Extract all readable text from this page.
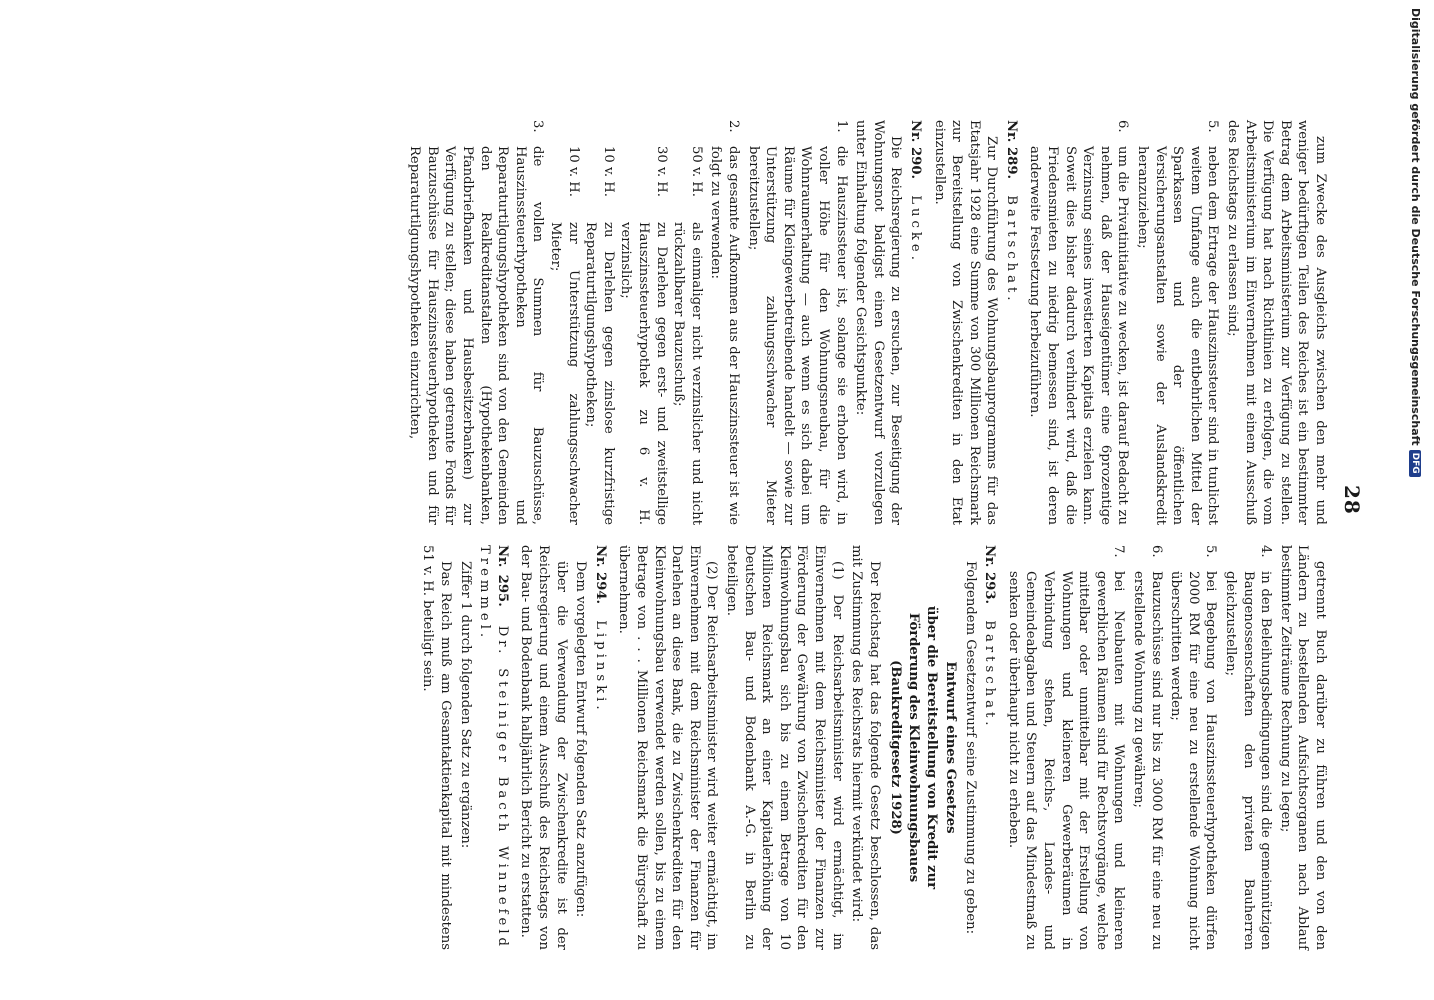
28
zum Zwecke des Ausgleichs zwischen den mehr und weniger bedürftigen Teilen des Reiches ist ein bestimmter Betrag dem Arbeitsministerium zur Verfügung zu stellen. Die Verfügung hat nach Richtlinien zu erfolgen, die vom Arbeitsministerium im Einvernehmen mit einem Ausschuß des Reichstags zu erlassen sind;
5.
neben dem Ertrage der Hauszinssteuer sind in tunlichst weitem Umfange auch die entbehrlichen Mittel der Sparkassen und der öffentlichen Versicherungsanstalten sowie der Auslandskredit heranzuziehen;
6.
um die Privatinitiative zu wecken, ist darauf Bedacht zu nehmen, daß der Hauseigentümer eine 6prozentige Verzinsung seines investierten Kapitals erzielen kann. Soweit dies bisher dadurch verhindert wird, daß die Friedensmieten zu niedrig bemessen sind, ist deren anderweite Festsetzung herbeizuführen.
Nr. 289. Bartschat.
Zur Durchführung des Wohnungsbauprogramms für das Etatsjahr 1928 eine Summe von 300 Millionen Reichsmark zur Bereitstellung von Zwischenkrediten in den Etat einzustellen.
Nr. 290. Lucke.
Die Reichsregierung zu ersuchen, zur Beseitigung der Wohnungsnot baldigst einen Gesetzentwurf vorzulegen unter Einhaltung folgender Gesichtspunkte:
1.
die Hauszinssteuer ist, solange sie erhoben wird, in voller Höhe für den Wohnungsneubau, für die Wohnraumerhaltung — auch wenn es sich dabei um Räume für Kleingewerbetreibende handelt — sowie zur Unterstützung zahlungsschwacher Mieter bereitzustellen;
2.
das gesamte Aufkommen aus der Hauszinssteuer ist wie folgt zu verwenden:
50 v. H.
als einmaliger nicht verzinslicher und nicht rückzahlbarer Bauzuschuß;
30 v. H.
zu Darlehen gegen erst- und zweitstellige Hauszinssteuerhypothek zu 6 v. H. verzinslich;
10 v. H.
zu Darlehen gegen zinslose kurzfristige Reparaturtilgungshypotheken;
10 v. H.
zur Unterstützung zahlungsschwacher Mieter;
3.
die vollen Summen für Bauzuschüsse, Hauszinssteuerhypotheken und Reparaturtilgungshypotheken sind von den Gemeinden den Realkreditanstalten (Hypothekenbanken, Pfandbriefbanken und Hausbesitzerbanken) zur Verfügung zu stellen; diese haben getrennte Fonds für Bauzuschüsse für Hauszinssteuerhypotheken und für Reparaturtilgungshypotheken einzurichten,
getrennt Buch darüber zu führen und den von den Ländern zu bestellenden Aufsichtsorganen nach Ablauf bestimmter Zeiträume Rechnung zu legen;
4.
in den Beleihungsbedingungen sind die gemeinnützigen Baugenossenschaften den privaten Bauherren gleichzustellen;
5.
bei Begebung von Hauszinssteuerhypotheken dürfen 2000 RM für eine neu zu erstellende Wohnung nicht überschritten werden;
6.
Bauzuschüsse sind nur bis zu 3000 RM für eine neu zu erstellende Wohnung zu gewähren;
7.
bei Neubauten mit Wohnungen und kleineren gewerblichen Räumen sind für Rechtsvorgänge, welche mittelbar oder unmittelbar mit der Erstellung von Wohnungen und kleineren Gewerberäumen in Verbindung stehen, Reichs-, Landes- und Gemeindeabgaben und Steuern auf das Mindestmaß zu senken oder überhaupt nicht zu erheben.
Nr. 293. Bartschat.
Folgendem Gesetzentwurf seine Zustimmung zu geben:
Entwurf eines Gesetzes
über die Bereitstellung von Kredit zur Förderung des Kleinwohnungsbaues (Baukreditgesetz 1928)
Der Reichstag hat das folgende Gesetz beschlossen, das mit Zustimmung des Reichsrats hiermit verkündet wird:
(1) Der Reichsarbeitsminister wird ermächtigt, im Einvernehmen mit dem Reichsminister der Finanzen zur Förderung der Gewährung von Zwischenkrediten für den Kleinwohnungsbau sich bis zu einem Betrage von 10 Millionen Reichsmark an einer Kapitalerhöhung der Deutschen Bau- und Bodenbank A.-G. in Berlin zu beteiligen.
(2) Der Reichsarbeitsminister wird weiter ermächtigt, im Einvernehmen mit dem Reichsminister der Finanzen für Darlehen an diese Bank, die zu Zwischenkrediten für den Kleinwohnungsbau verwendet werden sollen, bis zu einem Betrage von . . . Millionen Reichsmark die Bürgschaft zu übernehmen.
Nr. 294. Lipinski.
Dem vorgelegten Entwurf folgenden Satz anzufügen:
über die Verwendung der Zwischenkredite ist der Reichsregierung und einem Ausschuß des Reichstags von der Bau- und Bodenbank halbjährlich Bericht zu erstatten.
Nr. 295. Dr. Steiniger Bacth Winnefeld Tremmel.
Ziffer 1 durch folgenden Satz zu ergänzen:
Das Reich muß am Gesamtaktienkapital mit mindestens 51 v. H. beteiligt sein.
Digitalisierung gefördert durch die Deutsche Forschungsgemeinschaft
DFG
